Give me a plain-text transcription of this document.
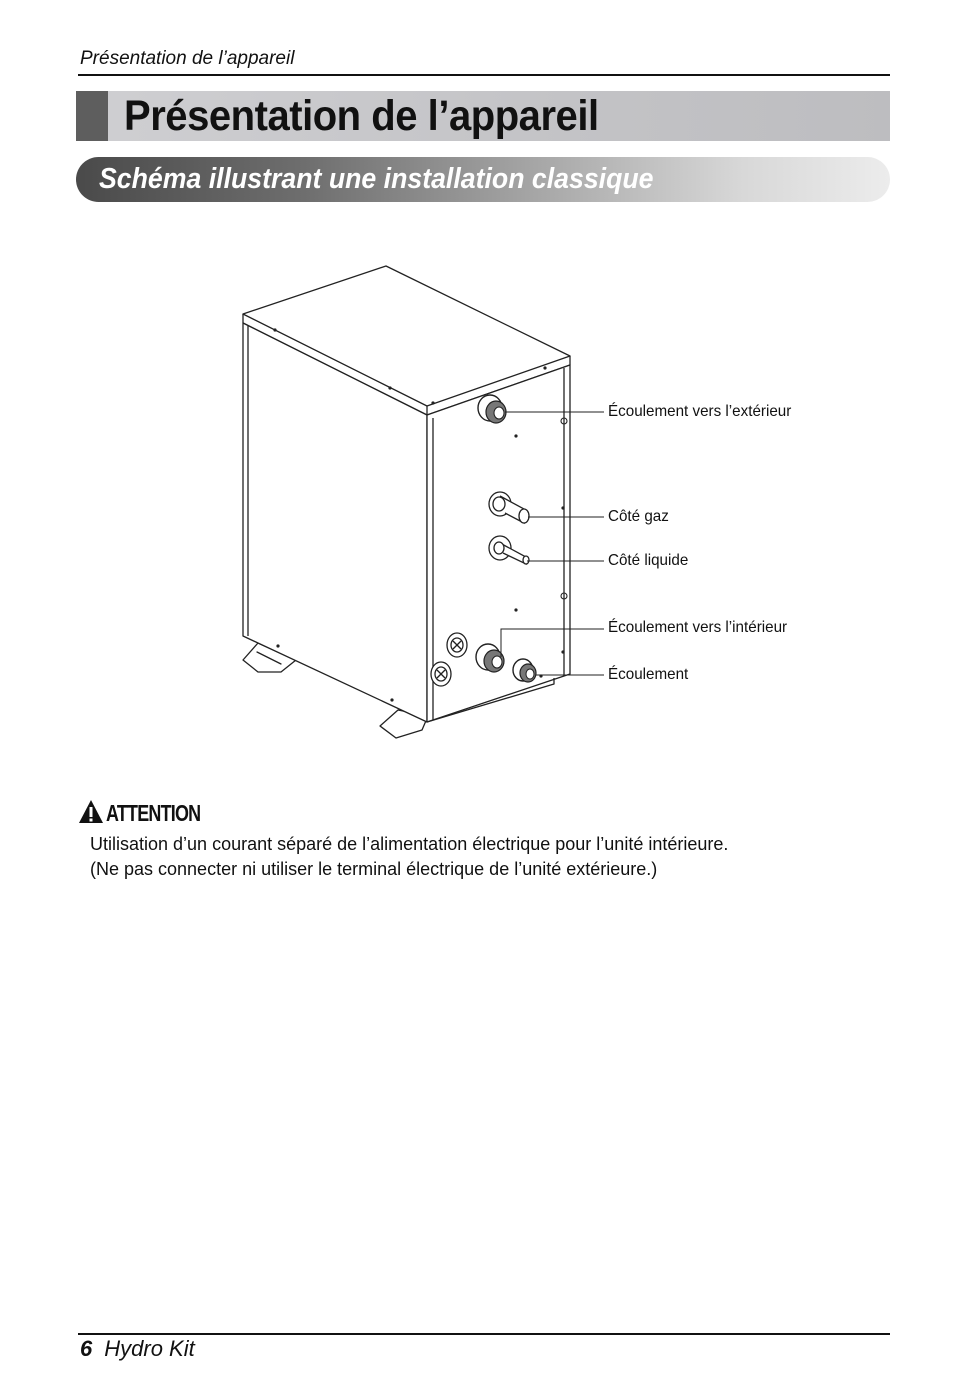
Présentation de l’appareil
Présentation de l’appareil
Schéma illustrant une installation classique
Écoulement vers l’extérieur
Côté gaz
Côté liquide
Écoulement vers l’intérieur
Écoulement
ATTENTION
Utilisation d’un courant séparé de l’alimentation électrique pour l’unité intérieure.
(Ne pas connecter ni utiliser le terminal électrique de l’unité extérieure.)
6 Hydro Kit
